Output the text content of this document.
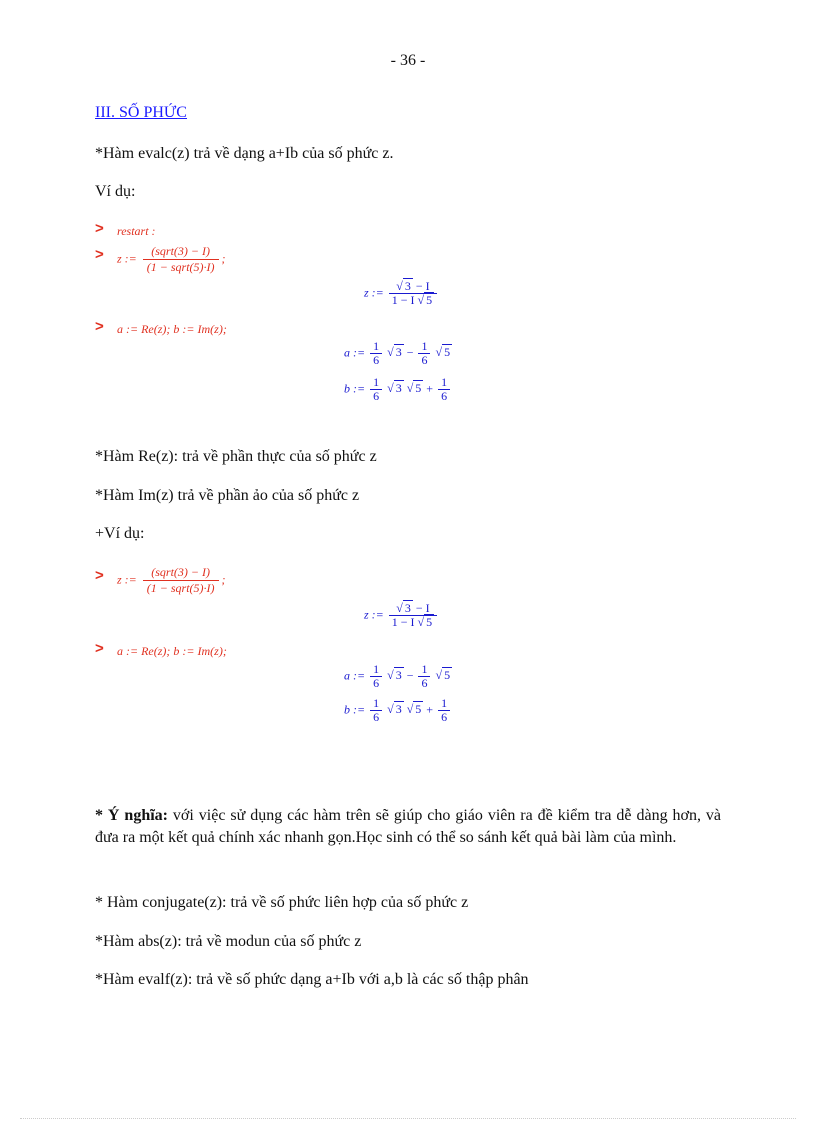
- 36 -
III. SỐ PHỨC
*Hàm evalc(z) trả về dạng a+Ib của số phức z.
Ví dụ:
> restart :
> z := $\frac{\text{(sqrt(3) − I)}}{\text{(1 − sqrt(5)·I)}}$ ;
z := $\frac{√ 3 - I}{1 - I √ 5}$
> a := Re(z); b := Im(z);
a := $\frac{1}{6}$ √ $3 - \frac{1}{6}$ √ 5
b := $\frac{1}{6}$ √ 3 √ $5 + \frac{1}{6}$
*Hàm Re(z): trả về phần thực của số phức z
*Hàm Im(z) trả về phần ảo của số phức z
+Ví dụ:
> z := $\frac{\text{(sqrt(3) − I)}}{\text{(1 − sqrt(5)·I)}}$ ;
z := $\frac{√ 3 - I}{1 - I √ 5}$
> a := Re(z); b := Im(z);
a := $\frac{1}{6}$ √ $3 - \frac{1}{6}$ √ 5
b := $\frac{1}{6}$ √ 3 √ $5 + \frac{1}{6}$
* Ý nghĩa: với việc sử dụng các hàm trên sẽ giúp cho giáo viên ra đề kiểm tra dễ dàng hơn, và đưa ra một kết quả chính xác nhanh gọn.Học sinh có thể so sánh kết quả bài làm của mình.
* Hàm conjugate(z): trả về số phức liên hợp của số phức z
*Hàm abs(z): trả về modun của số phức z
*Hàm evalf(z): trả về số phức dạng a+Ib với a,b là các số thập phân
